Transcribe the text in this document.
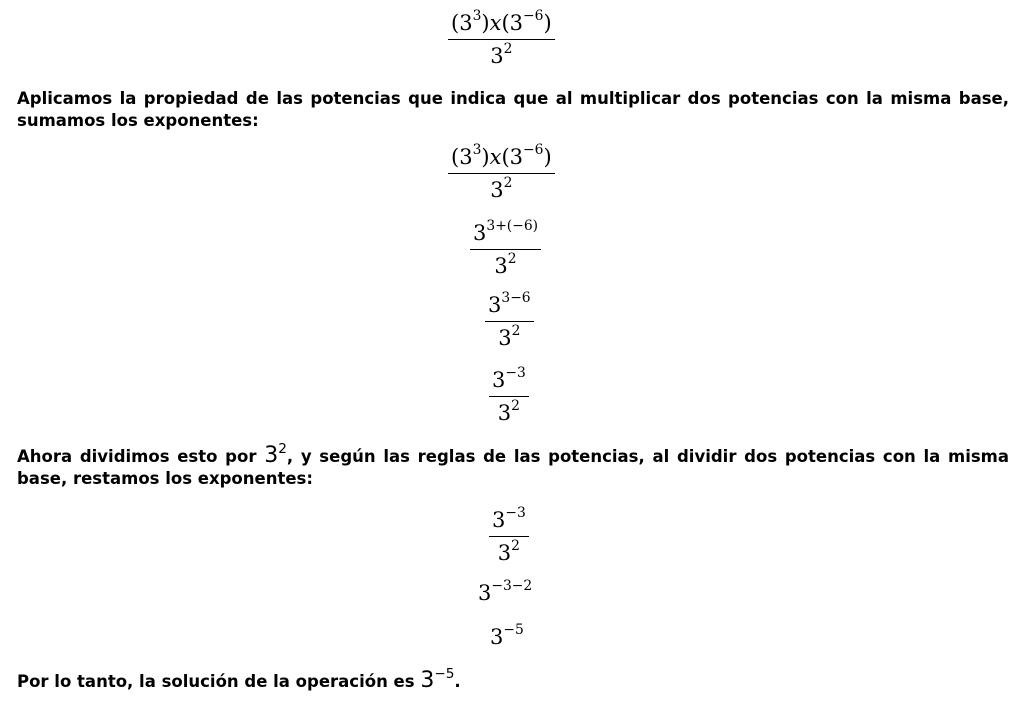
$(3^3)x(3^{-6})$
$3^2$
Aplicamos la propiedad de las potencias que indica que al multiplicar dos potencias con la misma base, sumamos los exponentes:
$(3^3)x(3^{-6})$
$3^2$
$3^{3+(-6)}$
$3^2$
$3^{3-6}$
$3^2$
$3^{-3}$
$3^2$
Ahora dividimos esto por $3^2$, y según las reglas de las potencias, al dividir dos potencias con la misma base, restamos los exponentes:
$3^{-3}$
$3^2$
$3^{-3-2}$
$3^{-5}$
Por lo tanto, la solución de la operación es $3^{-5}$.
